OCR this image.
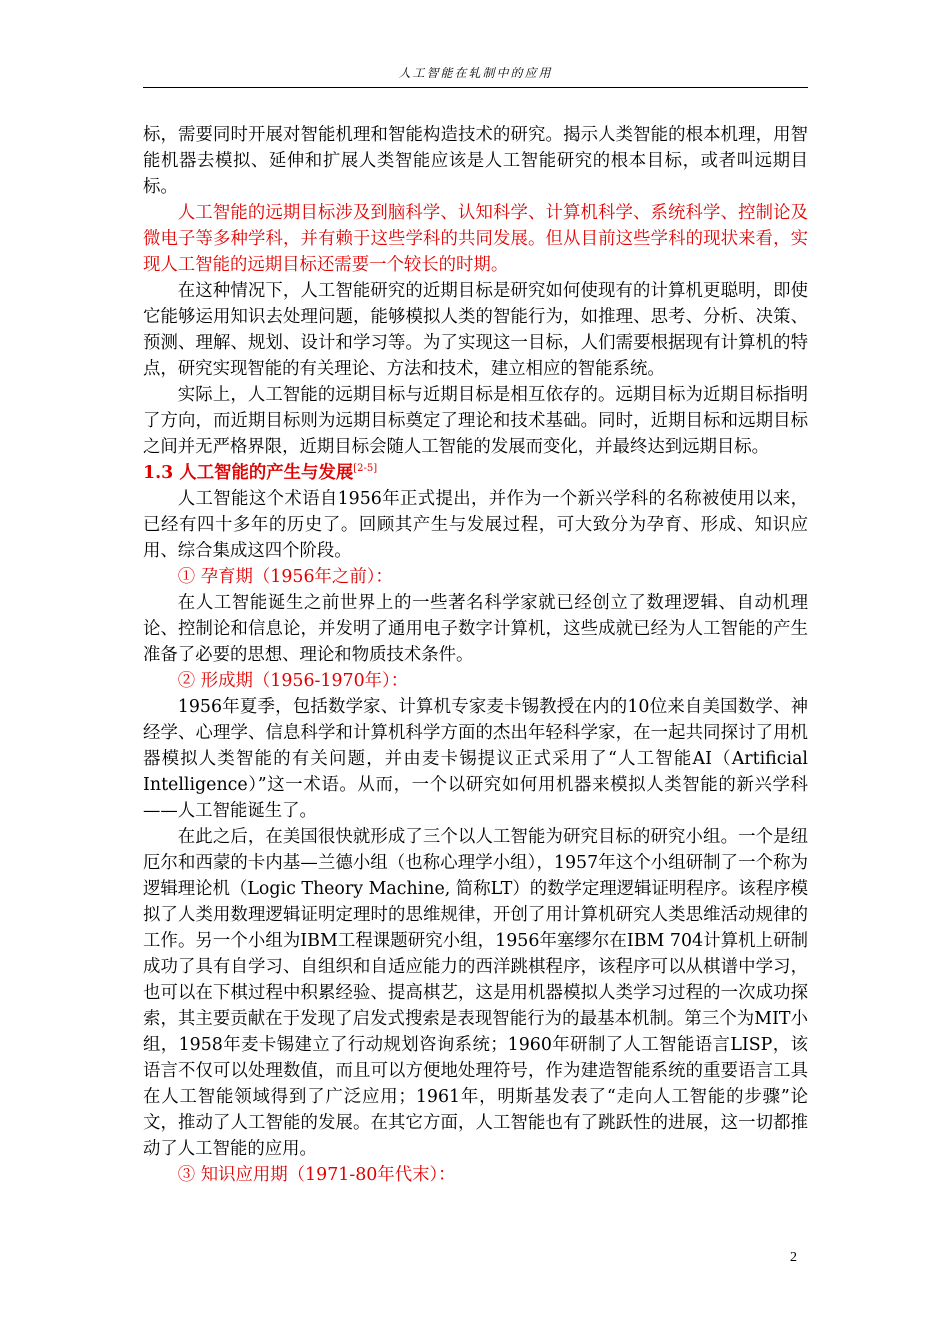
人工智能在轧制中的应用

标，需要同时开展对智能机理和智能构造技术的研究。揭示人类智能的根本机理，用智能机器去模拟、延伸和扩展人类智能应该是人工智能研究的根本目标，或者叫远期目标。

人工智能的远期目标涉及到脑科学、认知科学、计算机科学、系统科学、控制论及微电子等多种学科，并有赖于这些学科的共同发展。但从目前这些学科的现状来看，实现人工智能的远期目标还需要一个较长的时期。

在这种情况下，人工智能研究的近期目标是研究如何使现有的计算机更聪明，即使它能够运用知识去处理问题，能够模拟人类的智能行为，如推理、思考、分析、决策、预测、理解、规划、设计和学习等。为了实现这一目标，人们需要根据现有计算机的特点，研究实现智能的有关理论、方法和技术，建立相应的智能系统。

实际上，人工智能的远期目标与近期目标是相互依存的。远期目标为近期目标指明了方向，而近期目标则为远期目标奠定了理论和技术基础。同时，近期目标和远期目标之间并无严格界限，近期目标会随人工智能的发展而变化，并最终达到远期目标。

1.3 人工智能的产生与发展[2-5]

人工智能这个术语自1956年正式提出，并作为一个新兴学科的名称被使用以来，已经有四十多年的历史了。回顾其产生与发展过程，可大致分为孕育、形成、知识应用、综合集成这四个阶段。

① 孕育期（1956年之前）：

在人工智能诞生之前世界上的一些著名科学家就已经创立了数理逻辑、自动机理论、控制论和信息论，并发明了通用电子数字计算机，这些成就已经为人工智能的产生准备了必要的思想、理论和物质技术条件。

② 形成期（1956-1970年）：

1956年夏季，包括数学家、计算机专家麦卡锡教授在内的10位来自美国数学、神经学、心理学、信息科学和计算机科学方面的杰出年轻科学家，在一起共同探讨了用机器模拟人类智能的有关问题，并由麦卡锡提议正式采用了“人工智能AI（Artificial Intelligence）”这一术语。从而，一个以研究如何用机器来模拟人类智能的新兴学科——人工智能诞生了。

在此之后，在美国很快就形成了三个以人工智能为研究目标的研究小组。一个是纽厄尔和西蒙的卡内基—兰德小组（也称心理学小组），1957年这个小组研制了一个称为逻辑理论机（Logic Theory Machine, 简称LT）的数学定理逻辑证明程序。该程序模拟了人类用数理逻辑证明定理时的思维规律，开创了用计算机研究人类思维活动规律的工作。另一个小组为IBM工程课题研究小组，1956年塞缪尔在IBM 704计算机上研制成功了具有自学习、自组织和自适应能力的西洋跳棋程序，该程序可以从棋谱中学习，也可以在下棋过程中积累经验、提高棋艺，这是用机器模拟人类学习过程的一次成功探索，其主要贡献在于发现了启发式搜索是表现智能行为的最基本机制。第三个为MIT小组，1958年麦卡锡建立了行动规划咨询系统；1960年研制了人工智能语言LISP，该语言不仅可以处理数值，而且可以方便地处理符号，作为建造智能系统的重要语言工具在人工智能领域得到了广泛应用；1961年，明斯基发表了“走向人工智能的步骤”论文，推动了人工智能的发展。在其它方面，人工智能也有了跳跃性的进展，这一切都推动了人工智能的应用。

③ 知识应用期（1971-80年代末）：

2
